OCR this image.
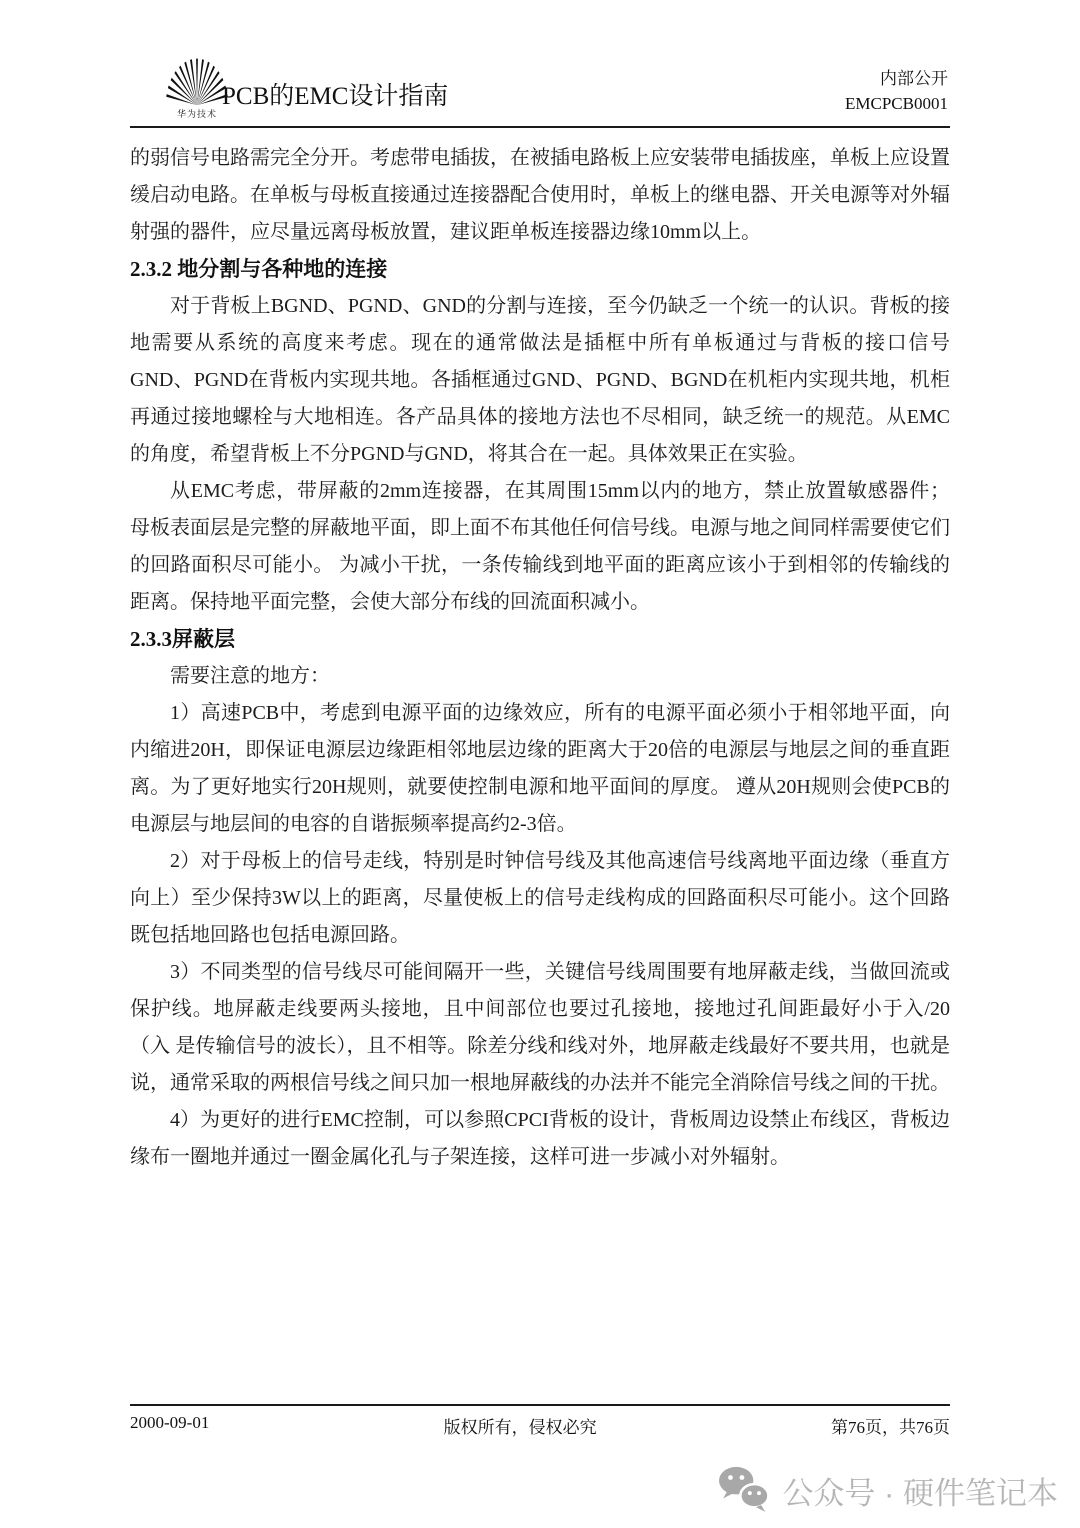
华为技术
PCB的EMC设计指南
内部公开
EMCPCB0001

的弱信号电路需完全分开。考虑带电插拔，在被插电路板上应安装带电插拔座，单板上应设置缓启动电路。在单板与母板直接通过连接器配合使用时，单板上的继电器、开关电源等对外辐射强的器件，应尽量远离母板放置，建议距单板连接器边缘10mm以上。

2.3.2 地分割与各种地的连接

对于背板上BGND、PGND、GND的分割与连接，至今仍缺乏一个统一的认识。背板的接地需要从系统的高度来考虑。现在的通常做法是插框中所有单板通过与背板的接口信号GND、PGND在背板内实现共地。各插框通过GND、PGND、BGND在机柜内实现共地，机柜再通过接地螺栓与大地相连。各产品具体的接地方法也不尽相同，缺乏统一的规范。从EMC的角度，希望背板上不分PGND与GND，将其合在一起。具体效果正在实验。

从EMC考虑，带屏蔽的2mm连接器，在其周围15mm以内的地方，禁止放置敏感器件； 母板表面层是完整的屏蔽地平面，即上面不布其他任何信号线。电源与地之间同样需要使它们的回路面积尽可能小。 为减小干扰，一条传输线到地平面的距离应该小于到相邻的传输线的距离。保持地平面完整，会使大部分布线的回流面积减小。

2.3.3屏蔽层

需要注意的地方：

1）高速PCB中，考虑到电源平面的边缘效应，所有的电源平面必须小于相邻地平面，向内缩进20H，即保证电源层边缘距相邻地层边缘的距离大于20倍的电源层与地层之间的垂直距离。为了更好地实行20H规则，就要使控制电源和地平面间的厚度。 遵从20H规则会使PCB的电源层与地层间的电容的自谐振频率提高约2-3倍。

2）对于母板上的信号走线，特别是时钟信号线及其他高速信号线离地平面边缘（垂直方向上）至少保持3W以上的距离，尽量使板上的信号走线构成的回路面积尽可能小。这个回路既包括地回路也包括电源回路。

3）不同类型的信号线尽可能间隔开一些，关键信号线周围要有地屏蔽走线，当做回流或保护线。地屏蔽走线要两头接地，且中间部位也要过孔接地，接地过孔间距最好小于入/20（入 是传输信号的波长），且不相等。除差分线和线对外，地屏蔽走线最好不要共用，也就是说，通常采取的两根信号线之间只加一根地屏蔽线的办法并不能完全消除信号线之间的干扰。

4）为更好的进行EMC控制，可以参照CPCI背板的设计，背板周边设禁止布线区，背板边缘布一圈地并通过一圈金属化孔与子架连接，这样可进一步减小对外辐射。

2000-09-01	版权所有，侵权必究	第76页，共76页
公众号 · 硬件笔记本
